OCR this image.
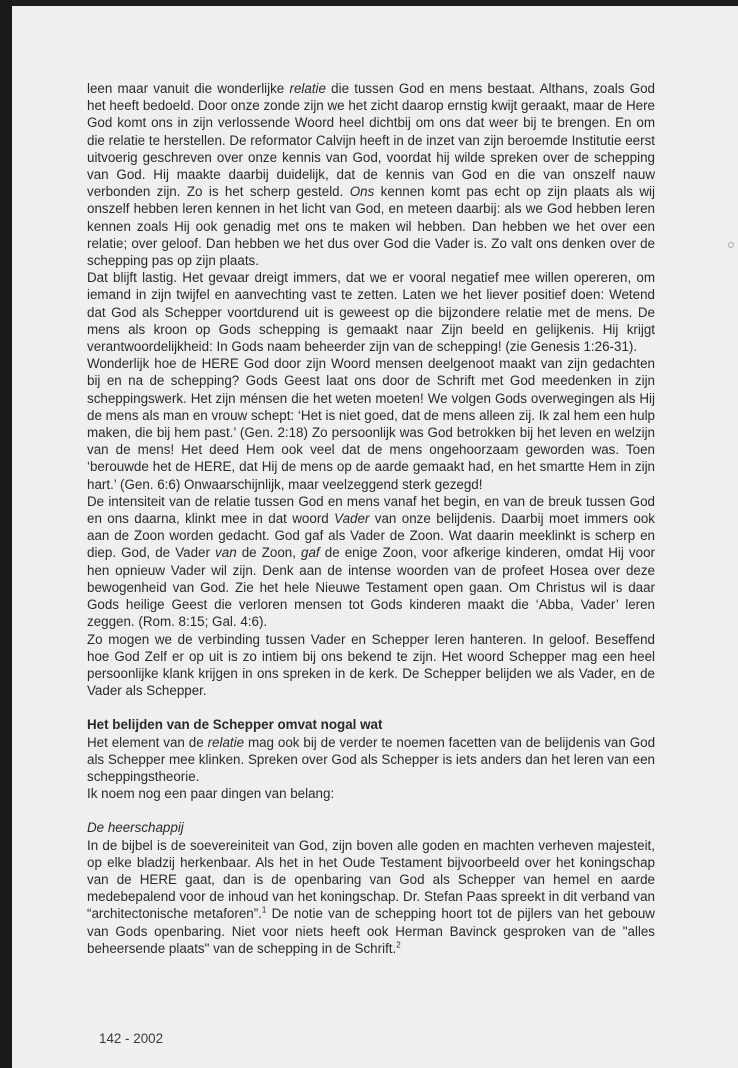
leen maar vanuit die wonderlijke relatie die tussen God en mens bestaat. Althans, zoals God het heeft bedoeld. Door onze zonde zijn we het zicht daarop ernstig kwijt geraakt, maar de Here God komt ons in zijn verlossende Woord heel dichtbij om ons dat weer bij te brengen. En om die relatie te herstellen. De reformator Calvijn heeft in de inzet van zijn beroemde Institutie eerst uitvoerig geschreven over onze kennis van God, voordat hij wilde spreken over de schepping van God. Hij maakte daarbij duidelijk, dat de kennis van God en die van onszelf nauw verbonden zijn. Zo is het scherp gesteld. Ons kennen komt pas echt op zijn plaats als wij onszelf hebben leren kennen in het licht van God, en meteen daarbij: als we God hebben leren kennen zoals Hij ook genadig met ons te maken wil hebben. Dan hebben we het over een relatie; over geloof. Dan hebben we het dus over God die Vader is. Zo valt ons denken over de schepping pas op zijn plaats.

Dat blijft lastig. Het gevaar dreigt immers, dat we er vooral negatief mee willen opereren, om iemand in zijn twijfel en aanvechting vast te zetten. Laten we het liever positief doen: Wetend dat God als Schepper voortdurend uit is geweest op die bijzondere relatie met de mens. De mens als kroon op Gods schepping is gemaakt naar Zijn beeld en gelijkenis. Hij krijgt verantwoordelijkheid: In Gods naam beheerder zijn van de schepping! (zie Genesis 1:26-31).

Wonderlijk hoe de HERE God door zijn Woord mensen deelgenoot maakt van zijn gedachten bij en na de schepping? Gods Geest laat ons door de Schrift met God meedenken in zijn scheppingswerk. Het zijn ménsen die het weten moeten! We volgen Gods overwegingen als Hij de mens als man en vrouw schept: ‘Het is niet goed, dat de mens alleen zij. Ik zal hem een hulp maken, die bij hem past.’ (Gen. 2:18) Zo persoonlijk was God betrokken bij het leven en welzijn van de mens! Het deed Hem ook veel dat de mens ongehoorzaam geworden was. Toen ‘berouwde het de HERE, dat Hij de mens op de aarde gemaakt had, en het smartte Hem in zijn hart.’ (Gen. 6:6) Onwaarschijnlijk, maar veelzeggend sterk gezegd!

De intensiteit van de relatie tussen God en mens vanaf het begin, en van de breuk tussen God en ons daarna, klinkt mee in dat woord Vader van onze belijdenis. Daarbij moet immers ook aan de Zoon worden gedacht. God gaf als Vader de Zoon. Wat daarin meeklinkt is scherp en diep. God, de Vader van de Zoon, gaf de enige Zoon, voor afkerige kinderen, omdat Hij voor hen opnieuw Vader wil zijn. Denk aan de intense woorden van de profeet Hosea over deze bewogenheid van God. Zie het hele Nieuwe Testament open gaan. Om Christus wil is daar Gods heilige Geest die verloren mensen tot Gods kinderen maakt die ‘Abba, Vader’ leren zeggen. (Rom. 8:15; Gal. 4:6).

Zo mogen we de verbinding tussen Vader en Schepper leren hanteren. In geloof. Beseffend hoe God Zelf er op uit is zo intiem bij ons bekend te zijn. Het woord Schepper mag een heel persoonlijke klank krijgen in ons spreken in de kerk. De Schepper belijden we als Vader, en de Vader als Schepper.

Het belijden van de Schepper omvat nogal wat

Het element van de relatie mag ook bij de verder te noemen facetten van de belijdenis van God als Schepper mee klinken. Spreken over God als Schepper is iets anders dan het leren van een scheppingstheorie.

Ik noem nog een paar dingen van belang:

De heerschappij

In de bijbel is de soevereiniteit van God, zijn boven alle goden en machten verheven majesteit, op elke bladzij herkenbaar. Als het in het Oude Testament bijvoorbeeld over het koningschap van de HERE gaat, dan is de openbaring van God als Schepper van hemel en aarde medebepalend voor de inhoud van het koningschap. Dr. Stefan Paas spreekt in dit verband van “architectonische metaforen”.$^1$ De notie van de schepping hoort tot de pijlers van het gebouw van Gods openbaring. Niet voor niets heeft ook Herman Bavinck gesproken van de "alles beheersende plaats" van de schepping in de Schrift.$^2$

142 - 2002
